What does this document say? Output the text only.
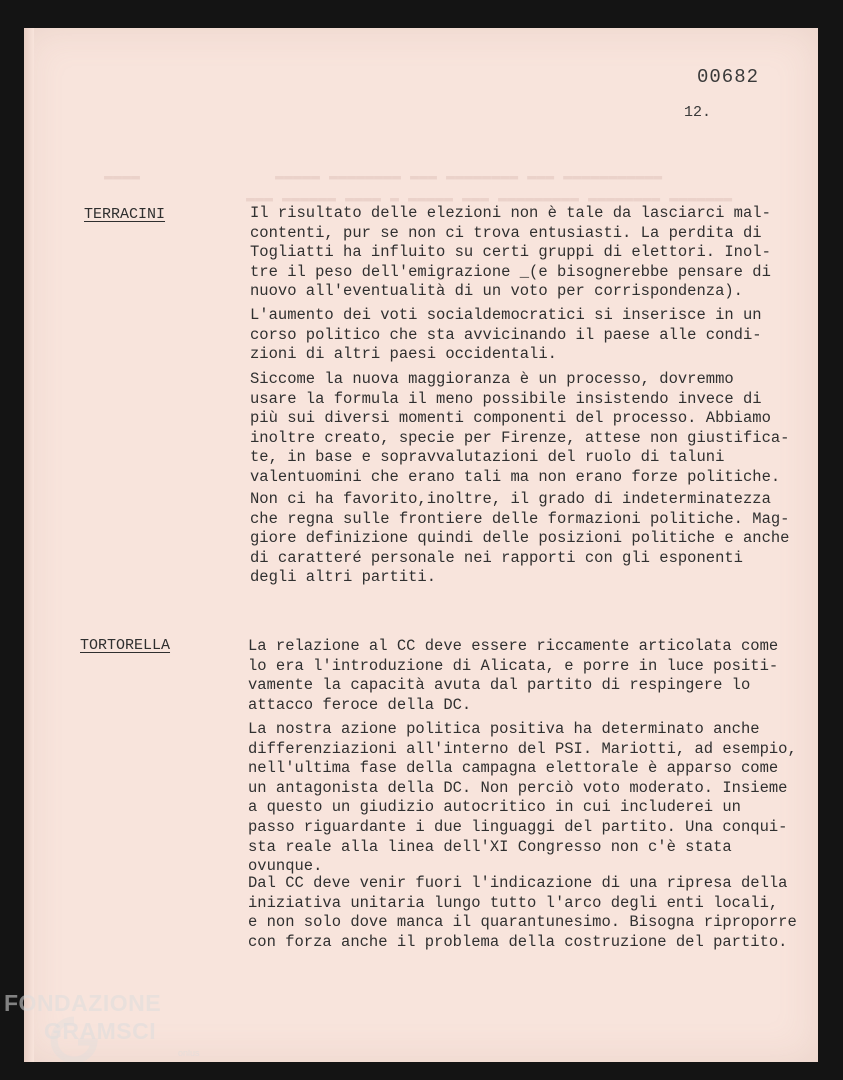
00682
12.
TERRACINI	Il risultato delle elezioni non è tale da lasciarci mal-
contenti, pur se non ci trova entusiasti. La perdita di
Togliatti ha influito su certi gruppi di elettori. Inol-
tre il peso dell'emigrazione _(e bisognerebbe pensare di
nuovo all'eventualità di un voto per corrispondenza).

L'aumento dei voti socialdemocratici si inserisce in un
corso politico che sta avvicinando il paese alle condi-
zioni di altri paesi occidentali.

Siccome la nuova maggioranza è un processo, dovremmo
usare la formula il meno possibile insistendo invece di
più sui diversi momenti componenti del processo. Abbiamo
inoltre creato, specie per Firenze, attese non giustifica-
te, in base e sopravvalutazioni del ruolo di taluni
valentuomini che erano tali ma non erano forze politiche.

Non ci ha favorito,inoltre, il grado di indeterminatezza
che regna sulle frontiere delle formazioni politiche. Mag-
giore definizione quindi delle posizioni politiche e anche
di caratteré personale nei rapporti con gli esponenti
degli altri partiti.

TORTORELLA	La relazione al CC deve essere riccamente articolata come
lo era l'introduzione di Alicata, e porre in luce positi-
vamente la capacità avuta dal partito di respingere lo
attacco feroce della DC.

La nostra azione politica positiva ha determinato anche
differenziazioni all'interno del PSI. Mariotti, ad esempio,
nell'ultima fase della campagna elettorale è apparso come
un antagonista della DC. Non perciò voto moderato. Insieme
a questo un giudizio autocritico in cui includerei un
passo riguardante i due linguaggi del partito. Una conqui-
sta reale alla linea dell'XI Congresso non c'è stata
ovunque.

Dal CC deve venir fuori l'indicazione di una ripresa della
iniziativa unitaria lungo tutto l'arco degli enti locali,
e non solo dove manca il quarantunesimo. Bisogna riproporre
con forza anche il problema della costruzione del partito.

FONDAZIONE
GRAMSCI
onlus
